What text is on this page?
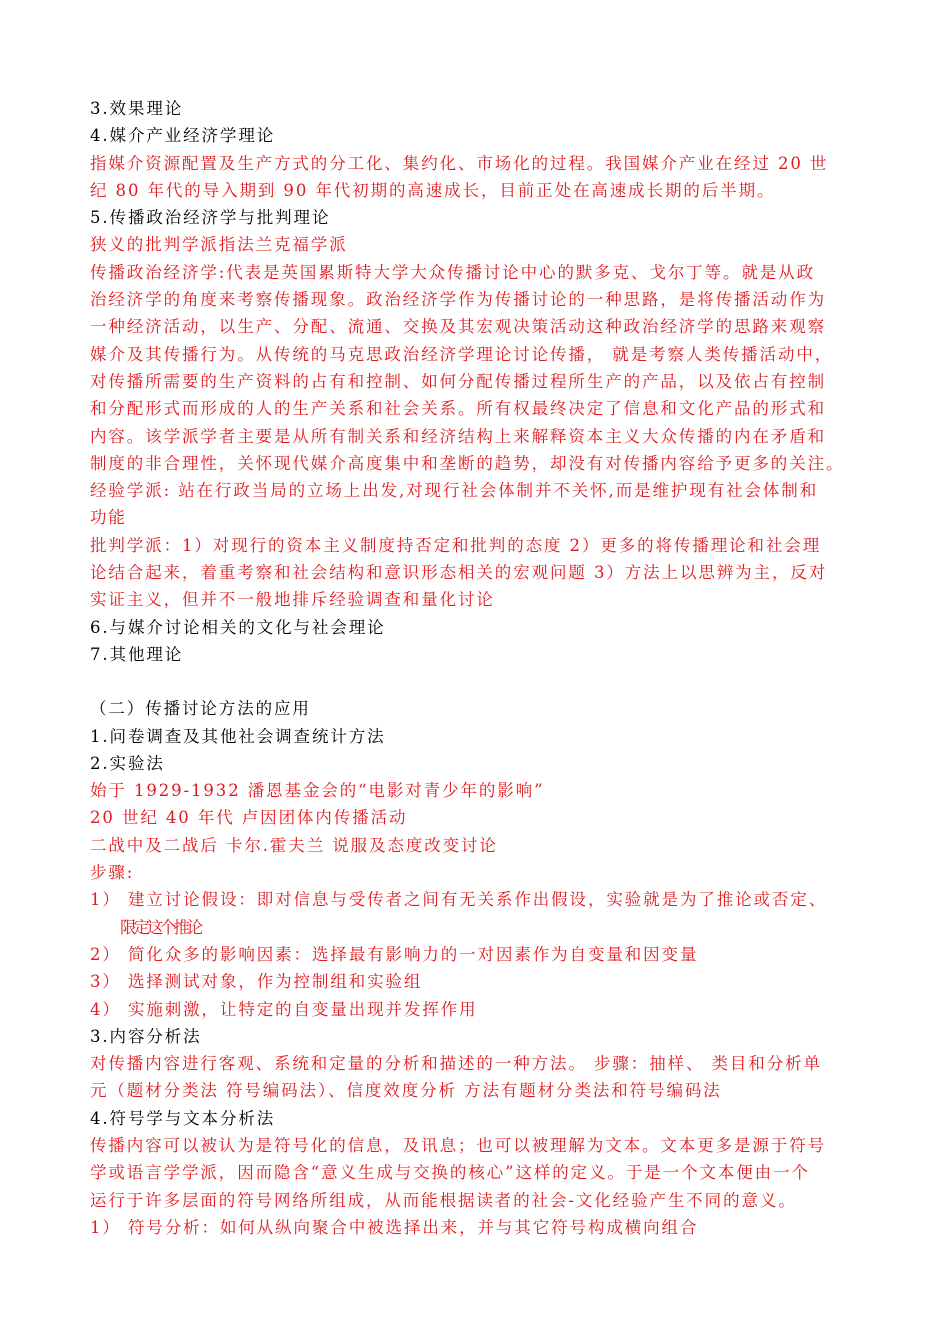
3.效果理论
4.媒介产业经济学理论
指媒介资源配置及生产方式的分工化、集约化、市场化的过程。我国媒介产业在经过 20 世
纪 80 年代的导入期到 90 年代初期的高速成长，目前正处在高速成长期的后半期。
5.传播政治经济学与批判理论
狭义的批判学派指法兰克福学派
传播政治经济学:代表是英国累斯特大学大众传播讨论中心的默多克、戈尔丁等。就是从政
治经济学的角度来考察传播现象。政治经济学作为传播讨论的一种思路，是将传播活动作为
一种经济活动，以生产、分配、流通、交换及其宏观决策活动这种政治经济学的思路来观察
媒介及其传播行为。从传统的马克思政治经济学理论讨论传播， 就是考察人类传播活动中，
对传播所需要的生产资料的占有和控制、如何分配传播过程所生产的产品，以及依占有控制
和分配形式而形成的人的生产关系和社会关系。所有权最终决定了信息和文化产品的形式和
内容。该学派学者主要是从所有制关系和经济结构上来解释资本主义大众传播的内在矛盾和
制度的非合理性，关怀现代媒介高度集中和垄断的趋势，却没有对传播内容给予更多的关注。
经验学派: 站在行政当局的立场上出发,对现行社会体制并不关怀,而是维护现有社会体制和
功能
批判学派：1）对现行的资本主义制度持否定和批判的态度 2）更多的将传播理论和社会理
论结合起来，着重考察和社会结构和意识形态相关的宏观问题 3）方法上以思辨为主，反对
实证主义，但并不一般地排斥经验调查和量化讨论
6.与媒介讨论相关的文化与社会理论
7.其他理论
（二）传播讨论方法的应用
1.问卷调查及其他社会调查统计方法
2.实验法
始于 1929-1932 潘恩基金会的“电影对青少年的影响”
20 世纪 40 年代 卢因团体内传播活动
二战中及二战后 卡尔.霍夫兰 说服及态度改变讨论
步骤:
1） 建立讨论假设：即对信息与受传者之间有无关系作出假设，实验就是为了推论或否定、
限定这个推论
2） 简化众多的影响因素：选择最有影响力的一对因素作为自变量和因变量
3） 选择测试对象，作为控制组和实验组
4） 实施刺激，让特定的自变量出现并发挥作用
3.内容分析法
对传播内容进行客观、系统和定量的分析和描述的一种方法。 步骤：抽样、 类目和分析单
元（题材分类法 符号编码法）、信度效度分析 方法有题材分类法和符号编码法
4.符号学与文本分析法
传播内容可以被认为是符号化的信息，及讯息；也可以被理解为文本。文本更多是源于符号
学或语言学学派，因而隐含“意义生成与交换的核心”这样的定义。于是一个文本便由一个
运行于许多层面的符号网络所组成，从而能根据读者的社会-文化经验产生不同的意义。
1） 符号分析：如何从纵向聚合中被选择出来，并与其它符号构成横向组合
